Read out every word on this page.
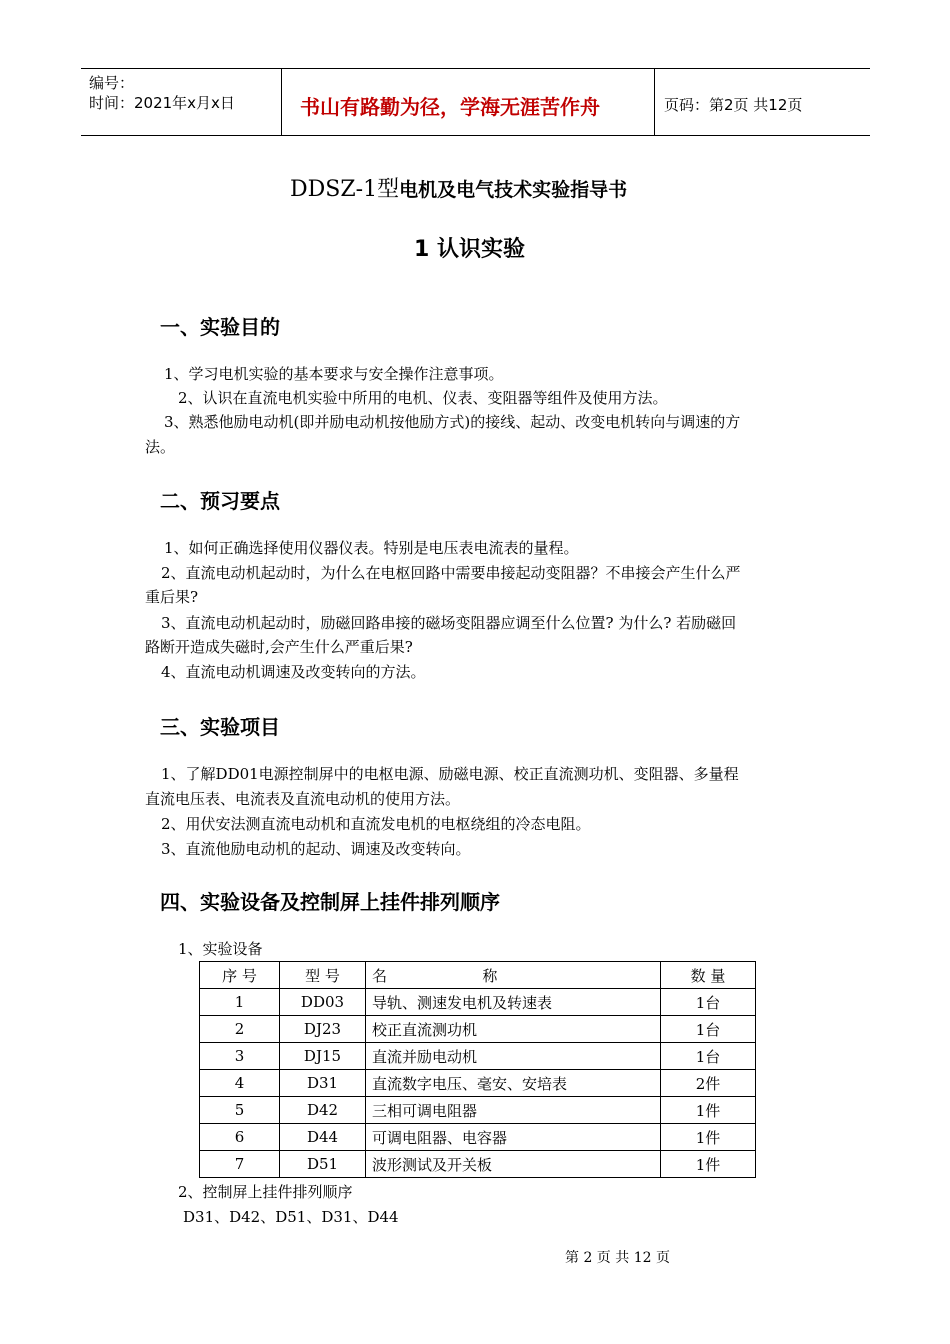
编号：
时间：2021年x月x日	书山有路勤为径，学海无涯苦作舟	页码：第2页 共12页
DDSZ-1型电机及电气技术实验指导书
1 认识实验
一、实验目的
1、学习电机实验的基本要求与安全操作注意事项。
2、认识在直流电机实验中所用的电机、仪表、变阻器等组件及使用方法。
3、熟悉他励电动机(即并励电动机按他励方式)的接线、起动、改变电机转向与调速的方
法。
二、预习要点
1、如何正确选择使用仪器仪表。特别是电压表电流表的量程。
2、直流电动机起动时，为什么在电枢回路中需要串接起动变阻器？不串接会产生什么严
重后果?
3、直流电动机起动时，励磁回路串接的磁场变阻器应调至什么位置? 为什么? 若励磁回
路断开造成失磁时,会产生什么严重后果?
4、直流电动机调速及改变转向的方法。
三、实验项目
1、了解DD01电源控制屏中的电枢电源、励磁电源、校正直流测功机、变阻器、多量程
直流电压表、电流表及直流电动机的使用方法。
2、用伏安法测直流电动机和直流发电机的电枢绕组的冷态电阻。
3、直流他励电动机的起动、调速及改变转向。
四、实验设备及控制屏上挂件排列顺序
1、实验设备
序 号	型 号	名                    称	数 量
1	DD03	导轨、测速发电机及转速表	1台
2	DJ23	校正直流测功机	1台
3	DJ15	直流并励电动机	1台
4	D31	直流数字电压、毫安、安培表	2件
5	D42	三相可调电阻器	1件
6	D44	可调电阻器、电容器	1件
7	D51	波形测试及开关板	1件
2、控制屏上挂件排列顺序
D31、D42、D51、D31、D44
第 2 页 共 12 页
